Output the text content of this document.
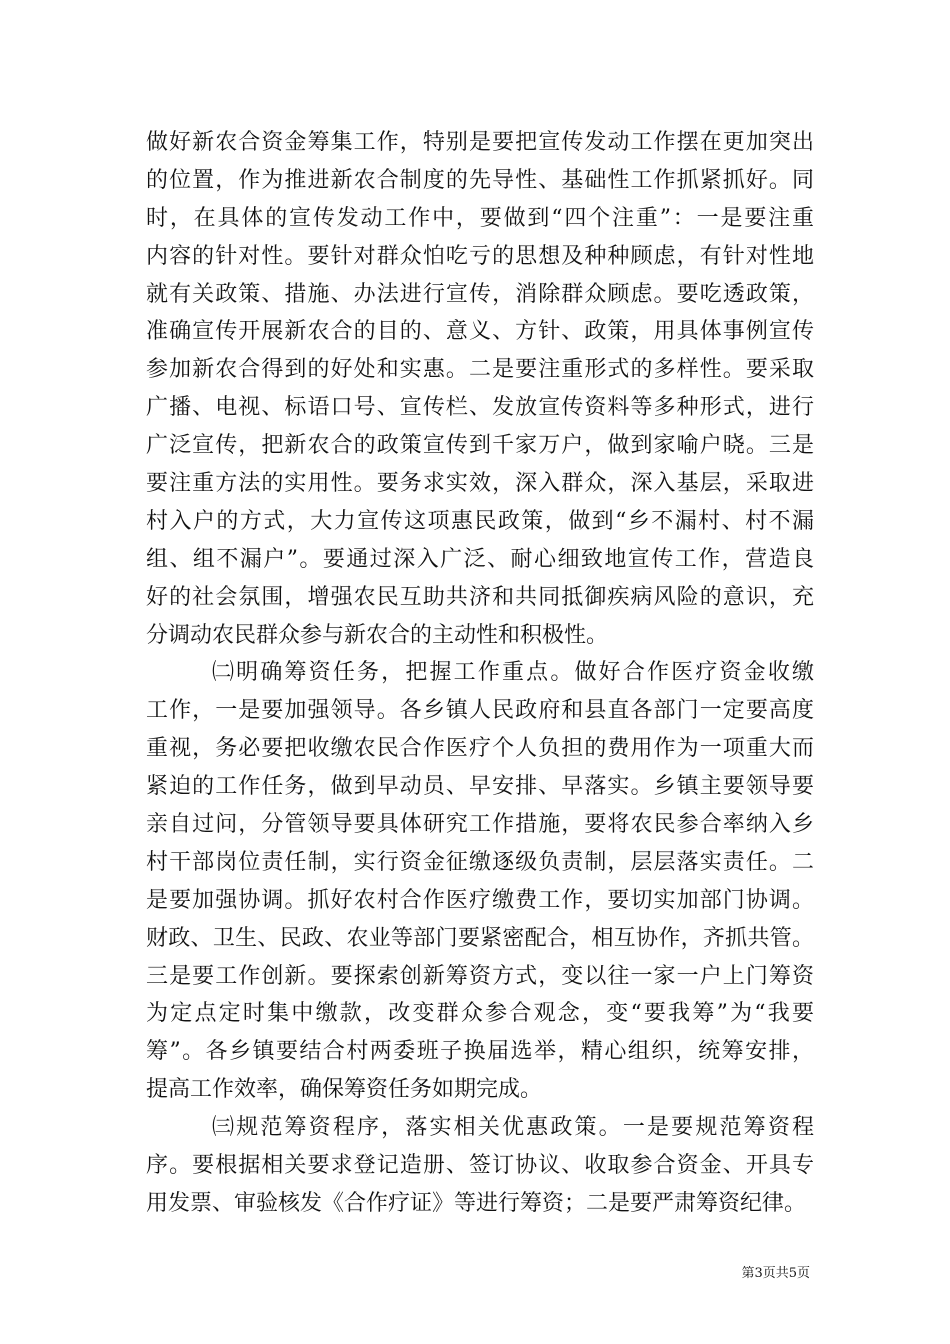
做好新农合资金筹集工作，特别是要把宣传发动工作摆在更加突出
的位置，作为推进新农合制度的先导性、基础性工作抓紧抓好。同
时，在具体的宣传发动工作中，要做到“四个注重”：一是要注重
内容的针对性。要针对群众怕吃亏的思想及种种顾虑，有针对性地
就有关政策、措施、办法进行宣传，消除群众顾虑。要吃透政策，
准确宣传开展新农合的目的、意义、方针、政策，用具体事例宣传
参加新农合得到的好处和实惠。二是要注重形式的多样性。要采取
广播、电视、标语口号、宣传栏、发放宣传资料等多种形式，进行
广泛宣传，把新农合的政策宣传到千家万户，做到家喻户晓。三是
要注重方法的实用性。要务求实效，深入群众，深入基层，采取进
村入户的方式，大力宣传这项惠民政策，做到“乡不漏村、村不漏
组、组不漏户”。要通过深入广泛、耐心细致地宣传工作，营造良
好的社会氛围，增强农民互助共济和共同抵御疾病风险的意识，充
分调动农民群众参与新农合的主动性和积极性。
㈡明确筹资任务，把握工作重点。做好合作医疗资金收缴
工作，一是要加强领导。各乡镇人民政府和县直各部门一定要高度
重视，务必要把收缴农民合作医疗个人负担的费用作为一项重大而
紧迫的工作任务，做到早动员、早安排、早落实。乡镇主要领导要
亲自过问，分管领导要具体研究工作措施，要将农民参合率纳入乡
村干部岗位责任制，实行资金征缴逐级负责制，层层落实责任。二
是要加强协调。抓好农村合作医疗缴费工作，要切实加部门协调。
财政、卫生、民政、农业等部门要紧密配合，相互协作，齐抓共管。
三是要工作创新。要探索创新筹资方式，变以往一家一户上门筹资
为定点定时集中缴款，改变群众参合观念，变“要我筹”为“我要
筹”。各乡镇要结合村两委班子换届选举，精心组织，统筹安排，
提高工作效率，确保筹资任务如期完成。
㈢规范筹资程序，落实相关优惠政策。一是要规范筹资程
序。要根据相关要求登记造册、签订协议、收取参合资金、开具专
用发票、审验核发《合作疗证》等进行筹资；二是要严肃筹资纪律。
第3页共5页
